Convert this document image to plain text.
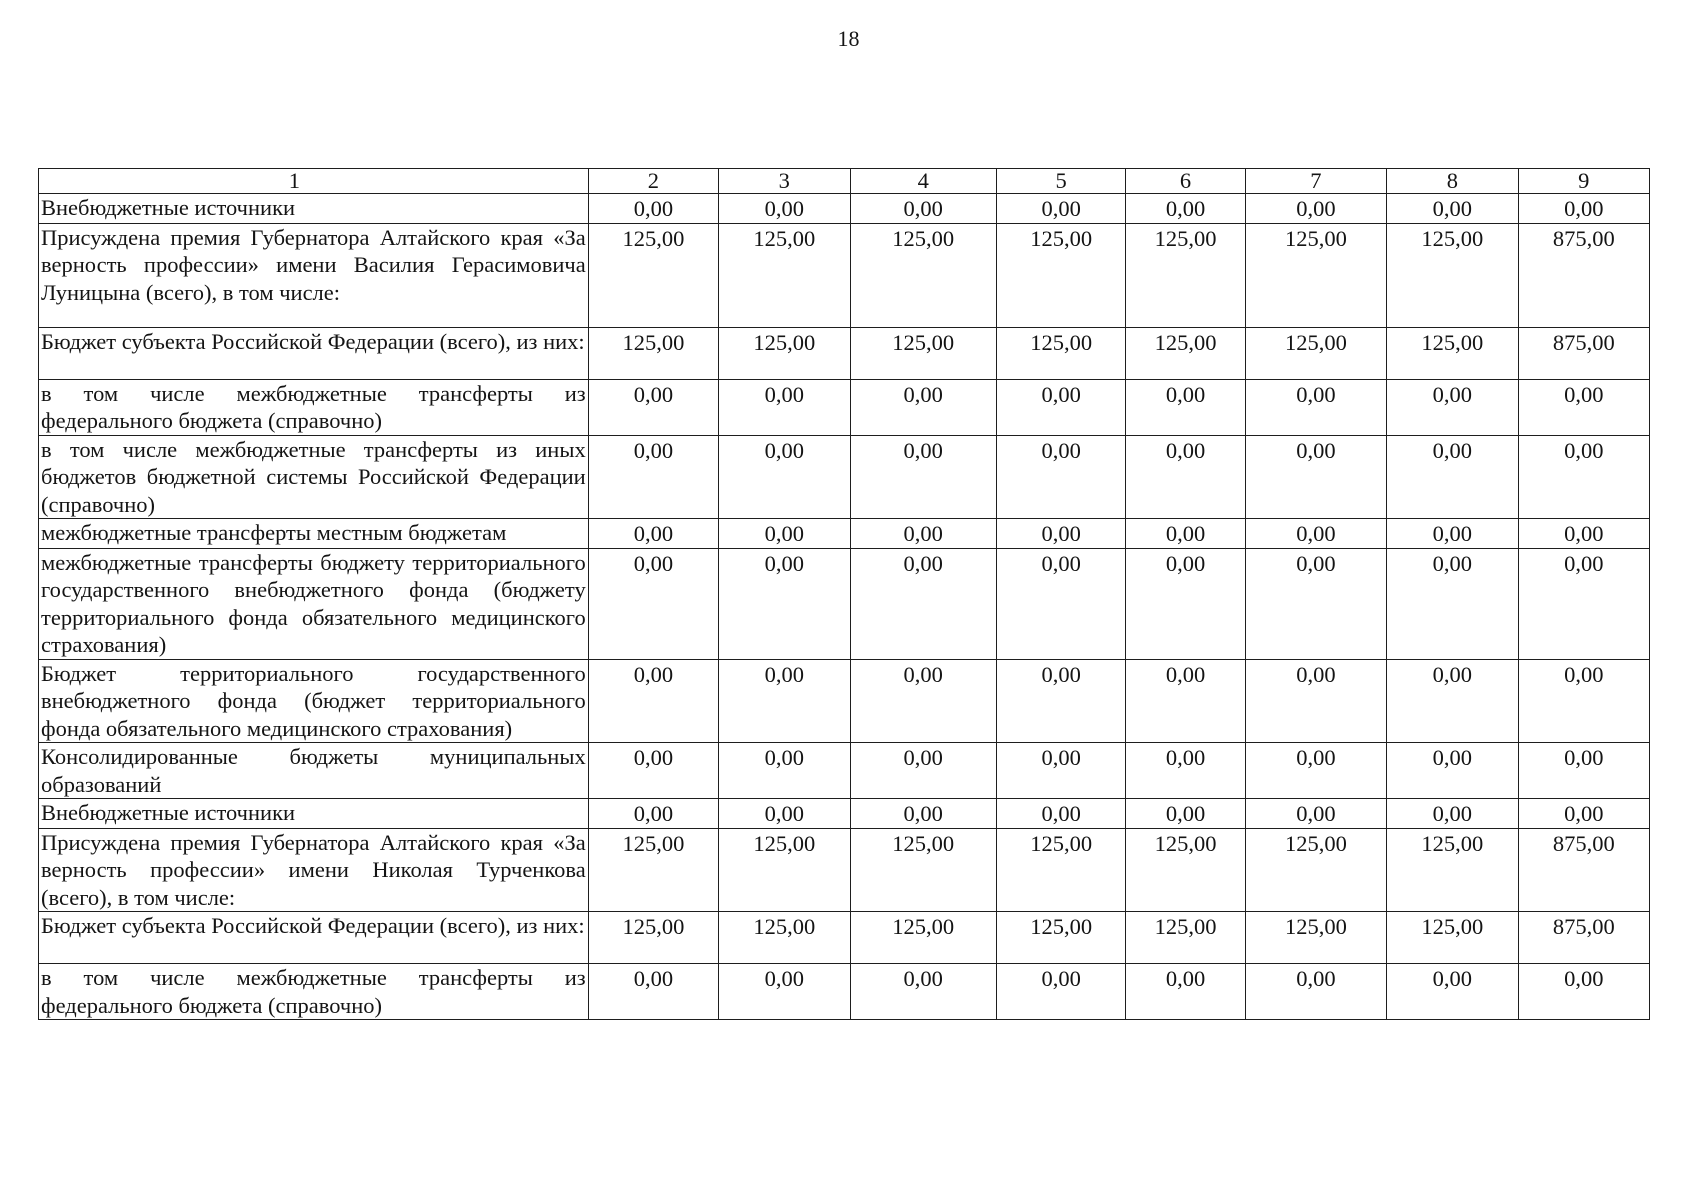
18
1	2	3	4	5	6	7	8	9
Внебюджетные источники	0,00	0,00	0,00	0,00	0,00	0,00	0,00	0,00
Присуждена премия Губернатора Алтайского края «За верность профессии» имени Василия Герасимовича Луницына (всего), в том числе:	125,00	125,00	125,00	125,00	125,00	125,00	125,00	875,00
Бюджет субъекта Российской Федерации (всего), из них:	125,00	125,00	125,00	125,00	125,00	125,00	125,00	875,00
в том числе межбюджетные трансферты из федерального бюджета (справочно)	0,00	0,00	0,00	0,00	0,00	0,00	0,00	0,00
в том числе межбюджетные трансферты из иных бюджетов бюджетной системы Российской Федерации (справочно)	0,00	0,00	0,00	0,00	0,00	0,00	0,00	0,00
межбюджетные трансферты местным бюджетам	0,00	0,00	0,00	0,00	0,00	0,00	0,00	0,00
межбюджетные трансферты бюджету территориального государственного внебюджетного фонда (бюджету территориального фонда обязательного медицинского страхования)	0,00	0,00	0,00	0,00	0,00	0,00	0,00	0,00
Бюджет территориального государственного внебюджетного фонда (бюджет территориального фонда обязательного медицинского страхования)	0,00	0,00	0,00	0,00	0,00	0,00	0,00	0,00
Консолидированные бюджеты муниципальных образований	0,00	0,00	0,00	0,00	0,00	0,00	0,00	0,00
Внебюджетные источники	0,00	0,00	0,00	0,00	0,00	0,00	0,00	0,00
Присуждена премия Губернатора Алтайского края «За верность профессии» имени Николая Турченкова (всего), в том числе:	125,00	125,00	125,00	125,00	125,00	125,00	125,00	875,00
Бюджет субъекта Российской Федерации (всего), из них:	125,00	125,00	125,00	125,00	125,00	125,00	125,00	875,00
в том числе межбюджетные трансферты из федерального бюджета (справочно)	0,00	0,00	0,00	0,00	0,00	0,00	0,00	0,00
